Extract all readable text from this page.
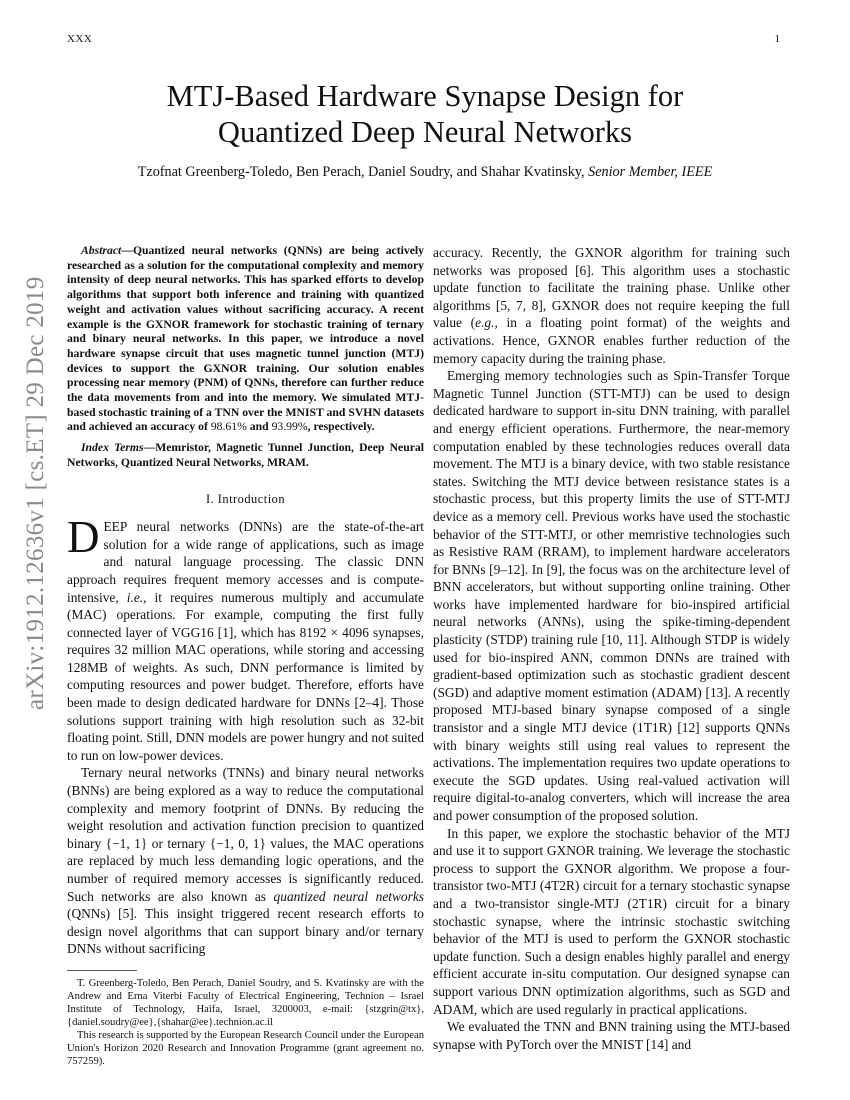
XXX	1
arXiv:1912.12636v1 [cs.ET] 29 Dec 2019
MTJ-Based Hardware Synapse Design for
Quantized Deep Neural Networks
Tzofnat Greenberg-Toledo, Ben Perach, Daniel Soudry, and Shahar Kvatinsky, Senior Member, IEEE

Abstract—Quantized neural networks (QNNs) are being actively researched as a solution for the computational complexity and memory intensity of deep neural networks. This has sparked efforts to develop algorithms that support both inference and training with quantized weight and activation values without sacrificing accuracy. A recent example is the GXNOR framework for stochastic training of ternary and binary neural networks. In this paper, we introduce a novel hardware synapse circuit that uses magnetic tunnel junction (MTJ) devices to support the GXNOR training. Our solution enables processing near memory (PNM) of QNNs, therefore can further reduce the data movements from and into the memory. We simulated MTJ-based stochastic training of a TNN over the MNIST and SVHN datasets and achieved an accuracy of 98.61% and 93.99%, respectively.

Index Terms—Memristor, Magnetic Tunnel Junction, Deep Neural Networks, Quantized Neural Networks, MRAM.

I. Introduction

DEEP neural networks (DNNs) are the state-of-the-art solution for a wide range of applications, such as image and natural language processing. The classic DNN approach requires frequent memory accesses and is compute-intensive, i.e., it requires numerous multiply and accumulate (MAC) operations. For example, computing the first fully connected layer of VGG16 [1], which has 8192 × 4096 synapses, requires 32 million MAC operations, while storing and accessing 128MB of weights. As such, DNN performance is limited by computing resources and power budget. Therefore, efforts have been made to design dedicated hardware for DNNs [2–4]. Those solutions support training with high resolution such as 32-bit floating point. Still, DNN models are power hungry and not suited to run on low-power devices.

Ternary neural networks (TNNs) and binary neural networks (BNNs) are being explored as a way to reduce the computational complexity and memory footprint of DNNs. By reducing the weight resolution and activation function precision to quantized binary {−1, 1} or ternary {−1, 0, 1} values, the MAC operations are replaced by much less demanding logic operations, and the number of required memory accesses is significantly reduced. Such networks are also known as quantized neural networks (QNNs) [5]. This insight triggered recent research efforts to design novel algorithms that can support binary and/or ternary DNNs without sacrificing

T. Greenberg-Toledo, Ben Perach, Daniel Soudry, and S. Kvatinsky are with the Andrew and Erna Viterbi Faculty of Electrical Engineering, Technion – Israel Institute of Technology, Haifa, Israel, 3200003, e-mail: {stzgrin@tx},{daniel.soudry@ee},{shahar@ee}.technion.ac.il

This research is supported by the European Research Council under the European Union's Horizon 2020 Research and Innovation Programme (grant agreement no. 757259).

accuracy. Recently, the GXNOR algorithm for training such networks was proposed [6]. This algorithm uses a stochastic update function to facilitate the training phase. Unlike other algorithms [5, 7, 8], GXNOR does not require keeping the full value (e.g., in a floating point format) of the weights and activations. Hence, GXNOR enables further reduction of the memory capacity during the training phase.

Emerging memory technologies such as Spin-Transfer Torque Magnetic Tunnel Junction (STT-MTJ) can be used to design dedicated hardware to support in-situ DNN training, with parallel and energy efficient operations. Furthermore, the near-memory computation enabled by these technologies reduces overall data movement. The MTJ is a binary device, with two stable resistance states. Switching the MTJ device between resistance states is a stochastic process, but this property limits the use of STT-MTJ device as a memory cell. Previous works have used the stochastic behavior of the STT-MTJ, or other memristive technologies such as Resistive RAM (RRAM), to implement hardware accelerators for BNNs [9–12]. In [9], the focus was on the architecture level of BNN accelerators, but without supporting online training. Other works have implemented hardware for bio-inspired artificial neural networks (ANNs), using the spike-timing-dependent plasticity (STDP) training rule [10, 11]. Although STDP is widely used for bio-inspired ANN, common DNNs are trained with gradient-based optimization such as stochastic gradient descent (SGD) and adaptive moment estimation (ADAM) [13]. A recently proposed MTJ-based binary synapse composed of a single transistor and a single MTJ device (1T1R) [12] supports QNNs with binary weights still using real values to represent the activations. The implementation requires two update operations to execute the SGD updates. Using real-valued activation will require digital-to-analog converters, which will increase the area and power consumption of the proposed solution.

In this paper, we explore the stochastic behavior of the MTJ and use it to support GXNOR training. We leverage the stochastic process to support the GXNOR algorithm. We propose a four-transistor two-MTJ (4T2R) circuit for a ternary stochastic synapse and a two-transistor single-MTJ (2T1R) circuit for a binary stochastic synapse, where the intrinsic stochastic switching behavior of the MTJ is used to perform the GXNOR stochastic update function. Such a design enables highly parallel and energy efficient accurate in-situ computation. Our designed synapse can support various DNN optimization algorithms, such as SGD and ADAM, which are used regularly in practical applications.

We evaluated the TNN and BNN training using the MTJ-based synapse with PyTorch over the MNIST [14] and
